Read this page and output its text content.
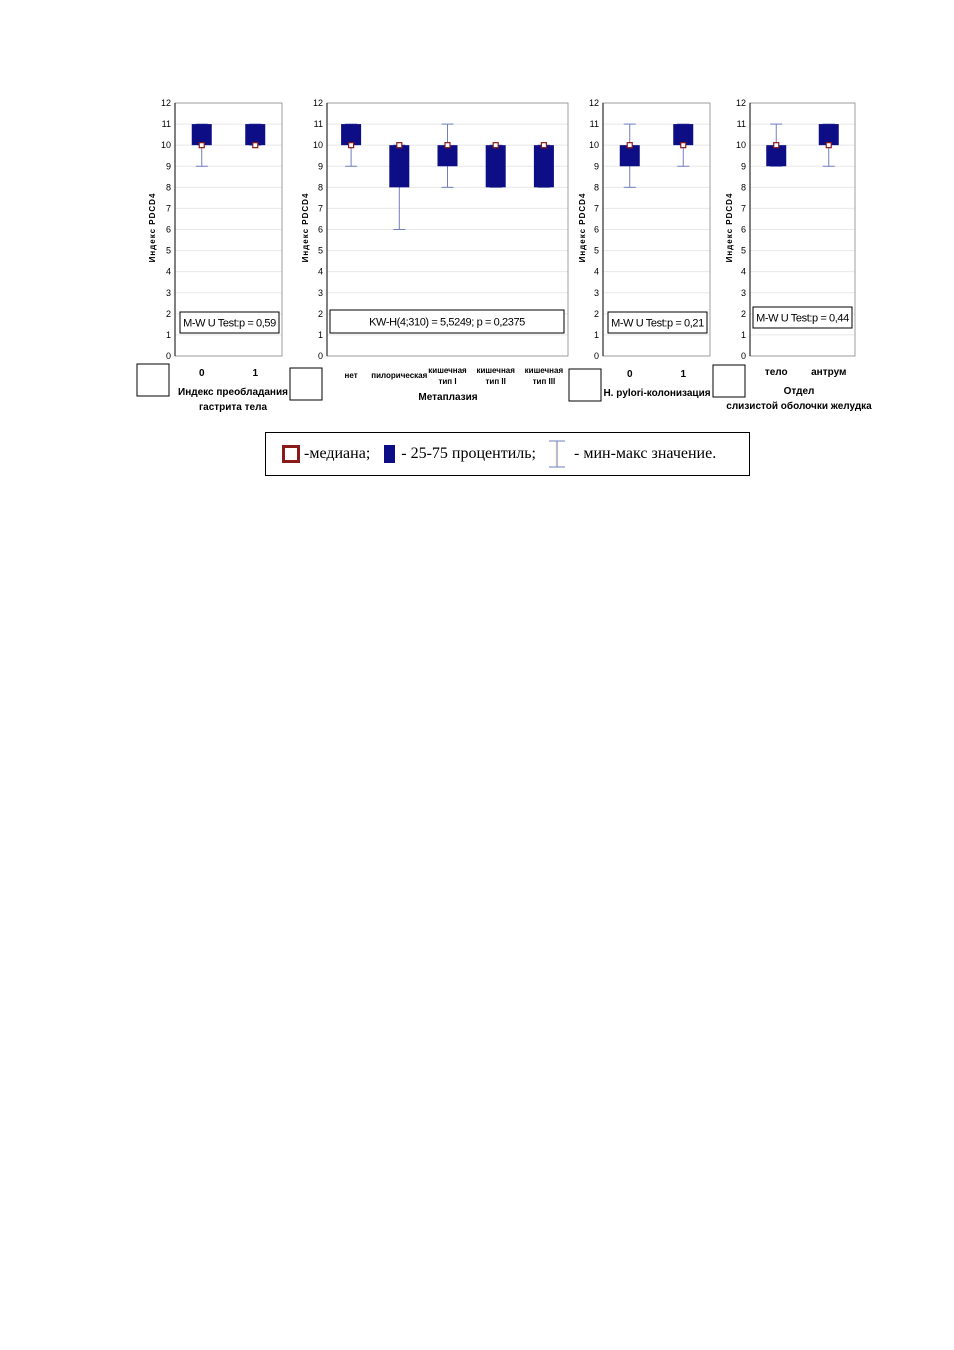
0
1
2
3
4
5
6
7
8
9
10
11
12
Индекс PDCD4
0	1
Индекс преобладания
гастрита тела
M-W U Test:p = 0,59
0
1
2
3
4
5
6
7
8
9
10
11
12
Индекс PDCD4
нет пилорическая
кишечная
тип I
кишечная
тип II
кишечная
тип III
Метаплазия
KW-H(4;310) = 5,5249; p = 0,2375
0
1
2
3
4
5
6
7
8
9
10
11
12
Индекс PDCD4
0	1
H. pylori-колонизация
M-W U Test:p = 0,21
0
1
2
3
4
5
6
7
8
9
10
11
12
Индекс PDCD4
тело антрум
Отдел
слизистой оболочки желудка
M-W U Test:p = 0,44
-медиана; - 25-75 процентиль; - мин-макс значение.
